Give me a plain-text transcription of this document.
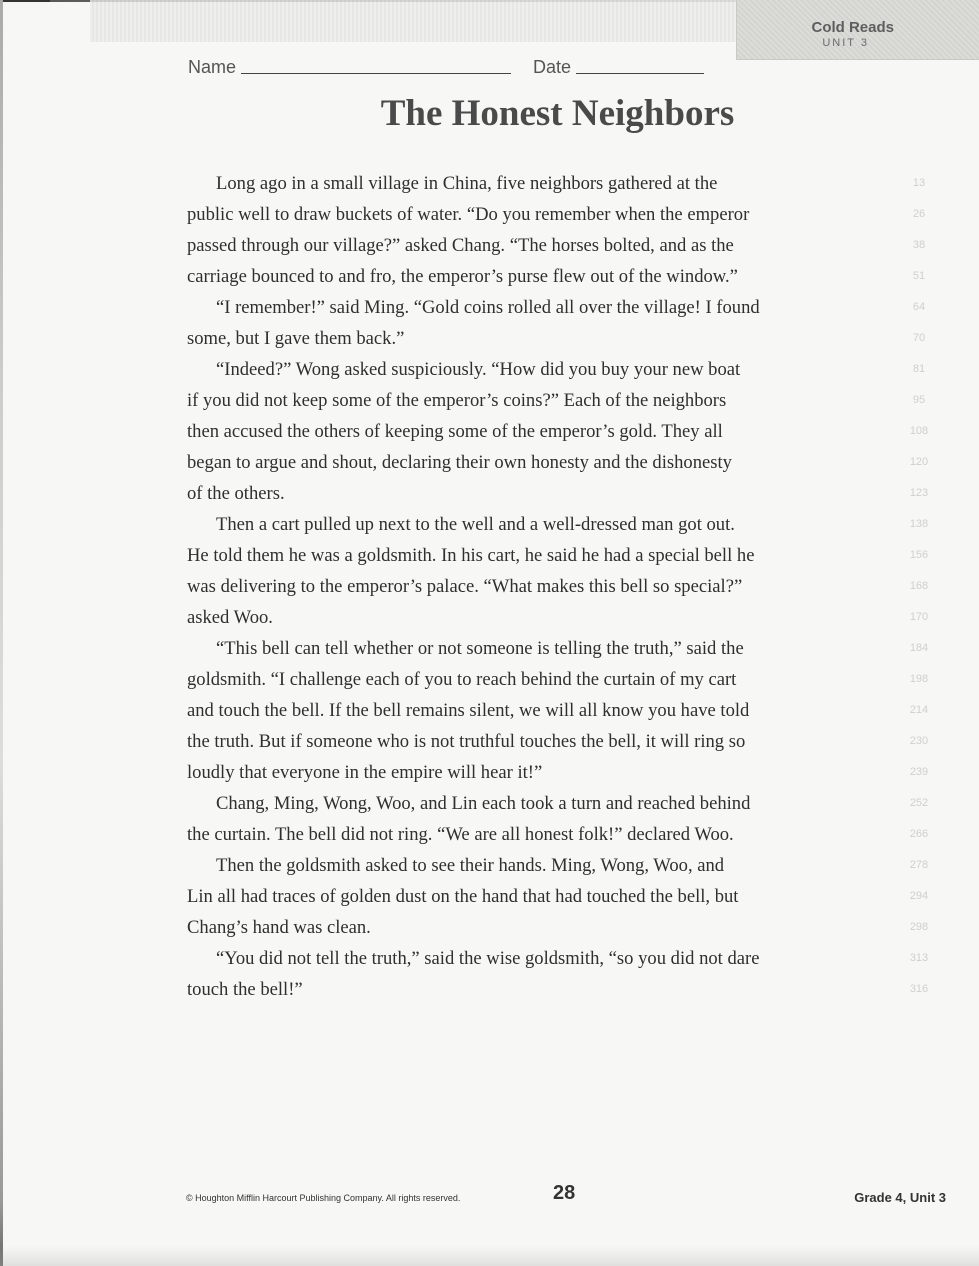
Cold Reads
UNIT 3
Name	Date
The Honest Neighbors
Long ago in a small village in China, five neighbors gathered at the	13
public well to draw buckets of water. “Do you remember when the emperor	26
passed through our village?” asked Chang. “The horses bolted, and as the	38
carriage bounced to and fro, the emperor’s purse flew out of the window.”	51
“I remember!” said Ming. “Gold coins rolled all over the village! I found	64
some, but I gave them back.”	70
“Indeed?” Wong asked suspiciously. “How did you buy your new boat	81
if you did not keep some of the emperor’s coins?” Each of the neighbors	95
then accused the others of keeping some of the emperor’s gold. They all	108
began to argue and shout, declaring their own honesty and the dishonesty	120
of the others.	123
Then a cart pulled up next to the well and a well-dressed man got out.	138
He told them he was a goldsmith. In his cart, he said he had a special bell he	156
was delivering to the emperor’s palace. “What makes this bell so special?”	168
asked Woo.	170
“This bell can tell whether or not someone is telling the truth,” said the	184
goldsmith. “I challenge each of you to reach behind the curtain of my cart	198
and touch the bell. If the bell remains silent, we will all know you have told	214
the truth. But if someone who is not truthful touches the bell, it will ring so	230
loudly that everyone in the empire will hear it!”	239
Chang, Ming, Wong, Woo, and Lin each took a turn and reached behind	252
the curtain. The bell did not ring. “We are all honest folk!” declared Woo.	266
Then the goldsmith asked to see their hands. Ming, Wong, Woo, and	278
Lin all had traces of golden dust on the hand that had touched the bell, but	294
Chang’s hand was clean.	298
“You did not tell the truth,” said the wise goldsmith, “so you did not dare	313
touch the bell!”	316
© Houghton Mifflin Harcourt Publishing Company. All rights reserved.	28	Grade 4, Unit 3
